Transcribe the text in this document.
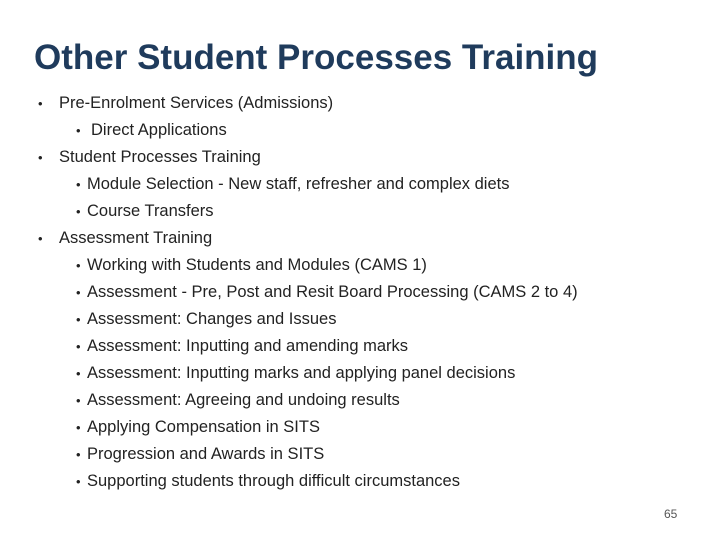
Other Student Processes Training
• Pre-Enrolment Services (Admissions)
• Direct Applications
• Student Processes Training
• Module Selection - New staff, refresher and complex diets
• Course Transfers
• Assessment Training
• Working with Students and Modules (CAMS 1)
• Assessment - Pre, Post and Resit Board Processing (CAMS 2 to 4)
• Assessment: Changes and Issues
• Assessment: Inputting and amending marks
• Assessment: Inputting marks and applying panel decisions
• Assessment: Agreeing and undoing results
• Applying Compensation in SITS
• Progression and Awards in SITS
• Supporting students through difficult circumstances
65
